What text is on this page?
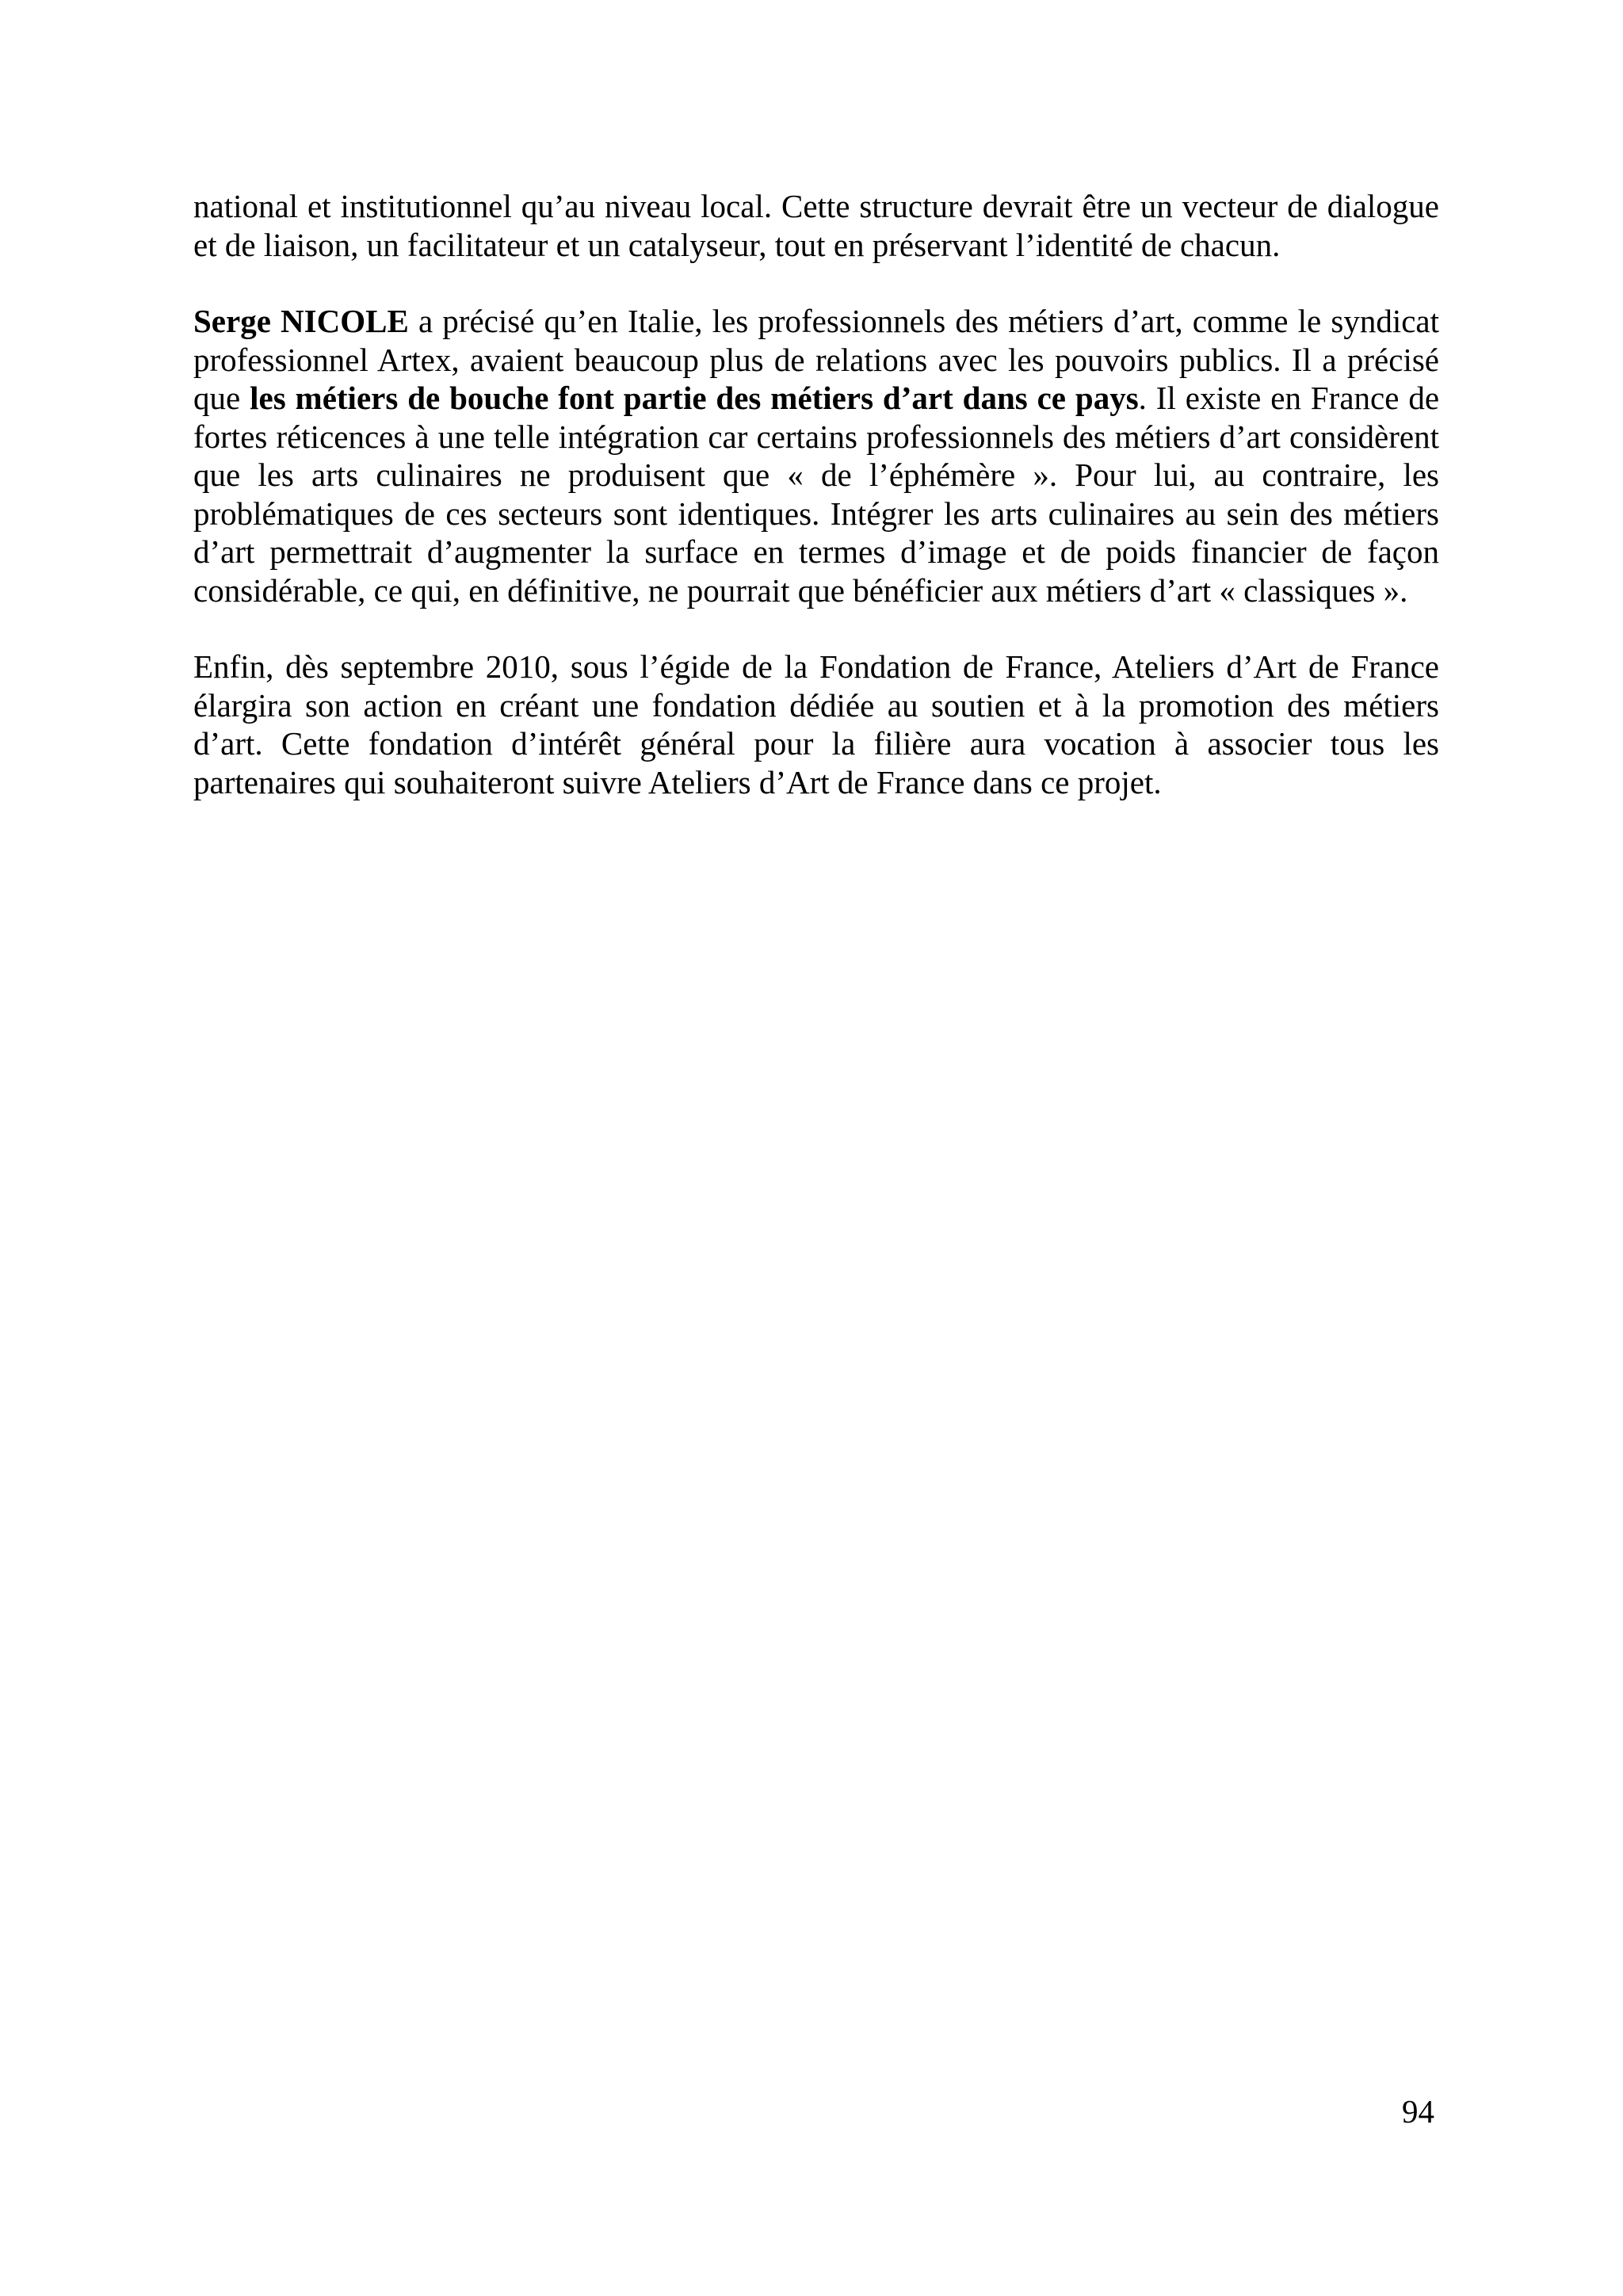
national et institutionnel qu’au niveau local. Cette structure devrait être un vecteur de dialogue et de liaison, un facilitateur et un catalyseur, tout en préservant l’identité de chacun.

Serge NICOLE a précisé qu’en Italie, les professionnels des métiers d’art, comme le syndicat professionnel Artex, avaient beaucoup plus de relations avec les pouvoirs publics. Il a précisé que les métiers de bouche font partie des métiers d’art dans ce pays. Il existe en France de fortes réticences à une telle intégration car certains professionnels des métiers d’art considèrent que les arts culinaires ne produisent que « de l’éphémère ». Pour lui, au contraire, les problématiques de ces secteurs sont identiques. Intégrer les arts culinaires au sein des métiers d’art permettrait d’augmenter la surface en termes d’image et de poids financier de façon considérable, ce qui, en définitive, ne pourrait que bénéficier aux métiers d’art « classiques ».

Enfin, dès septembre 2010, sous l’égide de la Fondation de France, Ateliers d’Art de France élargira son action en créant une fondation dédiée au soutien et à la promotion des métiers d’art. Cette fondation d’intérêt général pour la filière aura vocation à associer tous les partenaires qui souhaiteront suivre Ateliers d’Art de France dans ce projet.

94
